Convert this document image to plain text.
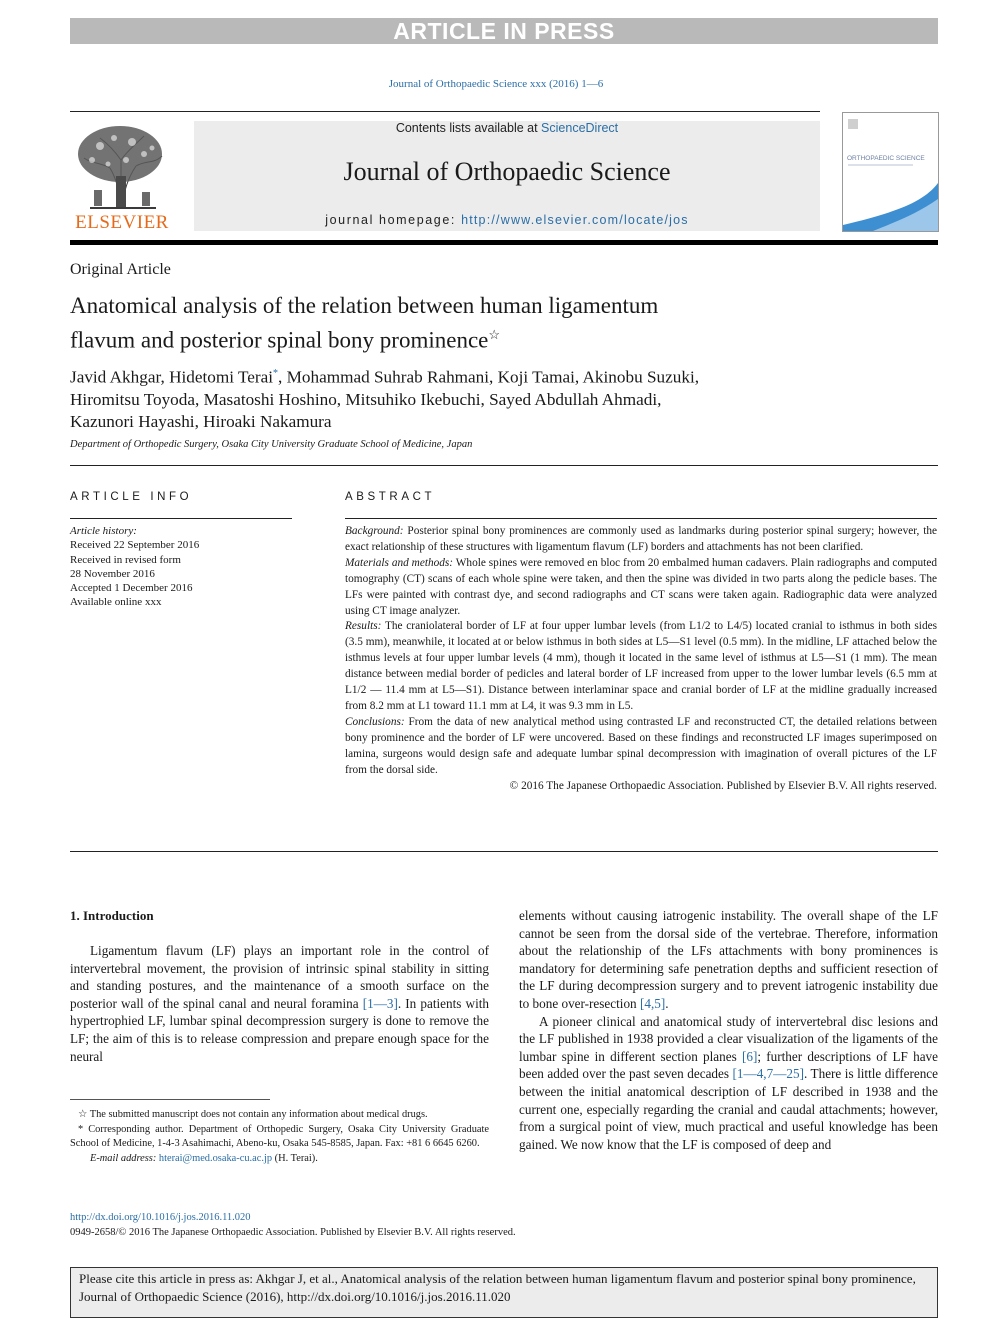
ARTICLE IN PRESS
Journal of Orthopaedic Science xxx (2016) 1—6
Contents lists available at ScienceDirect
Journal of Orthopaedic Science
journal homepage: http://www.elsevier.com/locate/jos
ELSEVIER
ORTHOPAEDIC SCIENCE
Original Article
Anatomical analysis of the relation between human ligamentum
flavum and posterior spinal bony prominence☆
Javid Akhgar, Hidetomi Terai*, Mohammad Suhrab Rahmani, Koji Tamai, Akinobu Suzuki,
Hiromitsu Toyoda, Masatoshi Hoshino, Mitsuhiko Ikebuchi, Sayed Abdullah Ahmadi,
Kazunori Hayashi, Hiroaki Nakamura
Department of Orthopedic Surgery, Osaka City University Graduate School of Medicine, Japan
ARTICLE INFO
Article history:
Received 22 September 2016
Received in revised form
28 November 2016
Accepted 1 December 2016
Available online xxx
ABSTRACT

Background: Posterior spinal bony prominences are commonly used as landmarks during posterior spinal surgery; however, the exact relationship of these structures with ligamentum flavum (LF) borders and attachments has not been clarified.

Materials and methods: Whole spines were removed en bloc from 20 embalmed human cadavers. Plain radiographs and computed tomography (CT) scans of each whole spine were taken, and then the spine was divided in two parts along the pedicle bases. The LFs were painted with contrast dye, and second radiographs and CT scans were taken again. Radiographic data were analyzed using CT image analyzer.

Results: The craniolateral border of LF at four upper lumbar levels (from L1/2 to L4/5) located cranial to isthmus in both sides (3.5 mm), meanwhile, it located at or below isthmus in both sides at L5—S1 level (0.5 mm). In the midline, LF attached below the isthmus levels at four upper lumbar levels (4 mm), though it located in the same level of isthmus at L5—S1 (1 mm). The mean distance between medial border of pedicles and lateral border of LF increased from upper to the lower lumbar levels (6.5 mm at L1/2 — 11.4 mm at L5—S1). Distance between interlaminar space and cranial border of LF at the midline gradually increased from 8.2 mm at L1 toward 11.1 mm at L4, it was 9.3 mm in L5.

Conclusions: From the data of new analytical method using contrasted LF and reconstructed CT, the detailed relations between bony prominence and the border of LF were uncovered. Based on these findings and reconstructed LF images superimposed on lamina, surgeons would design safe and adequate lumbar spinal decompression with imagination of overall pictures of the LF from the dorsal side.

© 2016 The Japanese Orthopaedic Association. Published by Elsevier B.V. All rights reserved.

1. Introduction

Ligamentum flavum (LF) plays an important role in the control of intervertebral movement, the provision of intrinsic spinal stability in sitting and standing postures, and the maintenance of a smooth surface on the posterior wall of the spinal canal and neural foramina [1—3]. In patients with hypertrophied LF, lumbar spinal decompression surgery is done to remove the LF; the aim of this is to release compression and prepare enough space for the neural

elements without causing iatrogenic instability. The overall shape of the LF cannot be seen from the dorsal side of the vertebrae. Therefore, information about the relationship of the LFs attachments with bony prominences is mandatory for determining safe penetration depths and sufficient resection of the LF during decompression surgery and to prevent iatrogenic instability due to bone over-resection [4,5].

A pioneer clinical and anatomical study of intervertebral disc lesions and the LF published in 1938 provided a clear visualization of the ligaments of the lumbar spine in different section planes [6]; further descriptions of LF have been added over the past seven decades [1—4,7—25]. There is little difference between the initial anatomical description of LF described in 1938 and the current one, especially regarding the cranial and caudal attachments; however, from a surgical point of view, much practical and useful knowledge has been gained. We now know that the LF is composed of deep and

☆ The submitted manuscript does not contain any information about medical drugs.

* Corresponding author. Department of Orthopedic Surgery, Osaka City University Graduate School of Medicine, 1-4-3 Asahimachi, Abeno-ku, Osaka 545-8585, Japan. Fax: +81 6 6645 6260.

E-mail address: hterai@med.osaka-cu.ac.jp (H. Terai).

http://dx.doi.org/10.1016/j.jos.2016.11.020
0949-2658/© 2016 The Japanese Orthopaedic Association. Published by Elsevier B.V. All rights reserved.
Please cite this article in press as: Akhgar J, et al., Anatomical analysis of the relation between human ligamentum flavum and posterior spinal bony prominence, Journal of Orthopaedic Science (2016), http://dx.doi.org/10.1016/j.jos.2016.11.020
